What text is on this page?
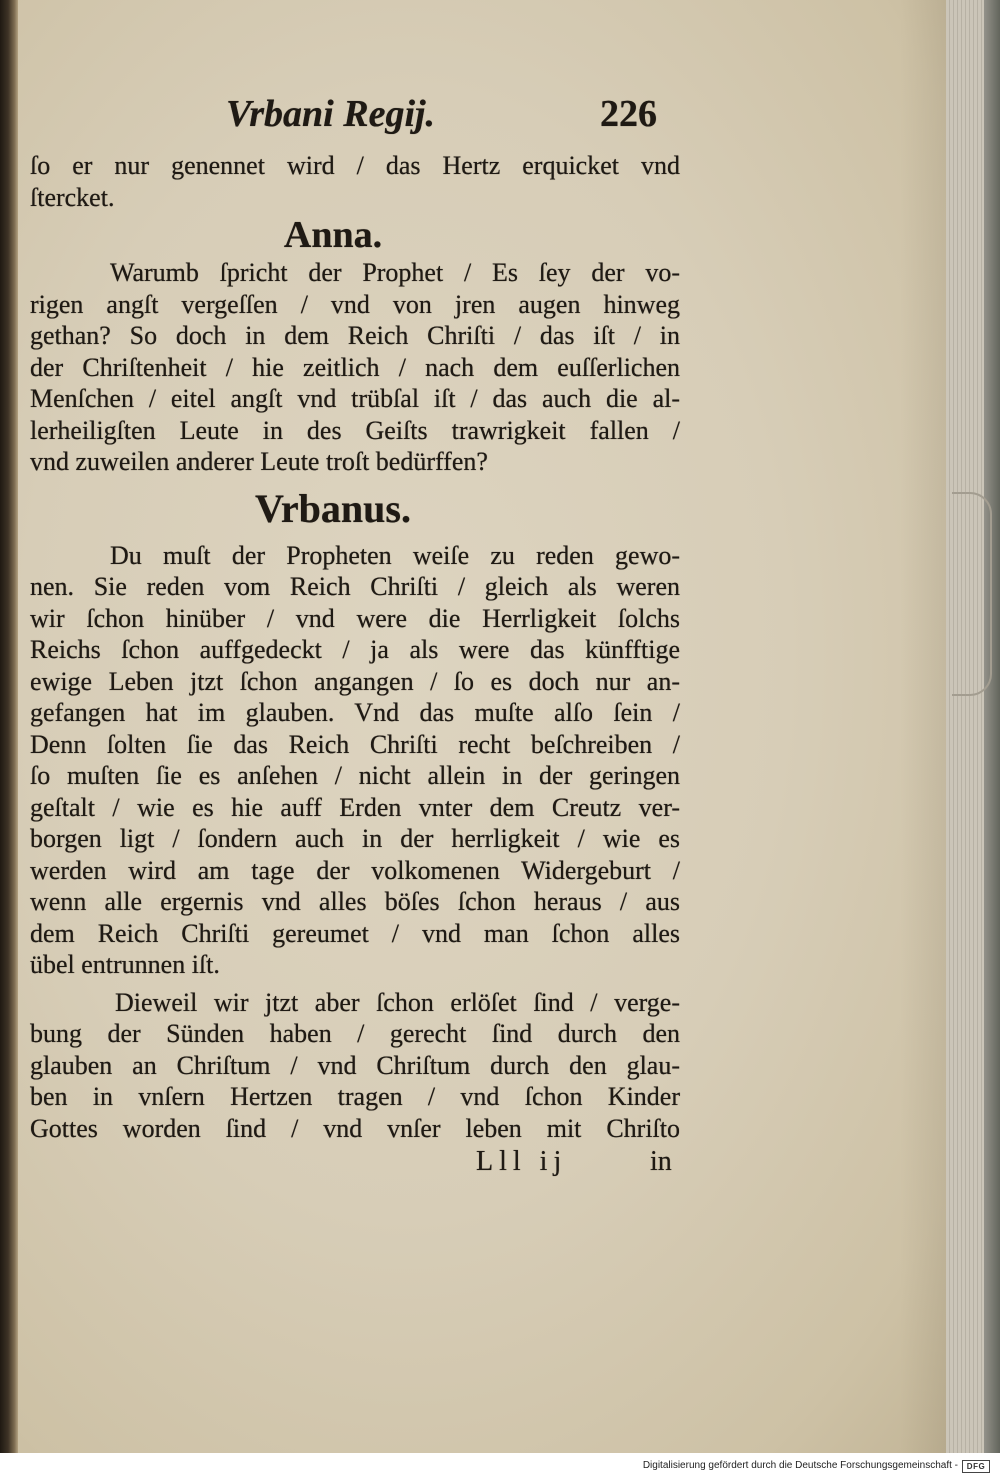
Vrbani Regij.	226
ſo er nur genennet wird / das Hertz erquicket vnd
ſtercket.
Anna.
Warumb ſpricht der Prophet / Es ſey der vo-
rigen angſt vergeſſen / vnd von jren augen hinweg
gethan? So doch in dem Reich Chriſti / das iſt / in
der Chriſtenheit / hie zeitlich / nach dem euſſerlichen
Menſchen / eitel angſt vnd trübſal iſt / das auch die al-
lerheiligſten Leute in des Geiſts trawrigkeit fallen /
vnd zuweilen anderer Leute troſt bedürffen?
Vrbanus.
Du muſt der Propheten weiſe zu reden gewo-
nen. Sie reden vom Reich Chriſti / gleich als weren
wir ſchon hinüber / vnd were die Herrligkeit ſolchs
Reichs ſchon auffgedeckt / ja als were das künfftige
ewige Leben jtzt ſchon angangen / ſo es doch nur an-
gefangen hat im glauben. Vnd das muſte alſo ſein /
Denn ſolten ſie das Reich Chriſti recht beſchreiben /
ſo muſten ſie es anſehen / nicht allein in der geringen
geſtalt / wie es hie auff Erden vnter dem Creutz ver-
borgen ligt / ſondern auch in der herrligkeit / wie es
werden wird am tage der volkomenen Widergeburt /
wenn alle ergernis vnd alles böſes ſchon heraus / aus
dem Reich Chriſti gereumet / vnd man ſchon alles
übel entrunnen iſt.
Dieweil wir jtzt aber ſchon erlöſet ſind / verge-
bung der Sünden haben / gerecht ſind durch den
glauben an Chriſtum / vnd Chriſtum durch den glau-
ben in vnſern Hertzen tragen / vnd ſchon Kinder
Gottes worden ſind / vnd vnſer leben mit Chriſto
Lll ij	in
Digitalisierung gefördert durch die Deutsche Forschungsgemeinschaft -	DFG
